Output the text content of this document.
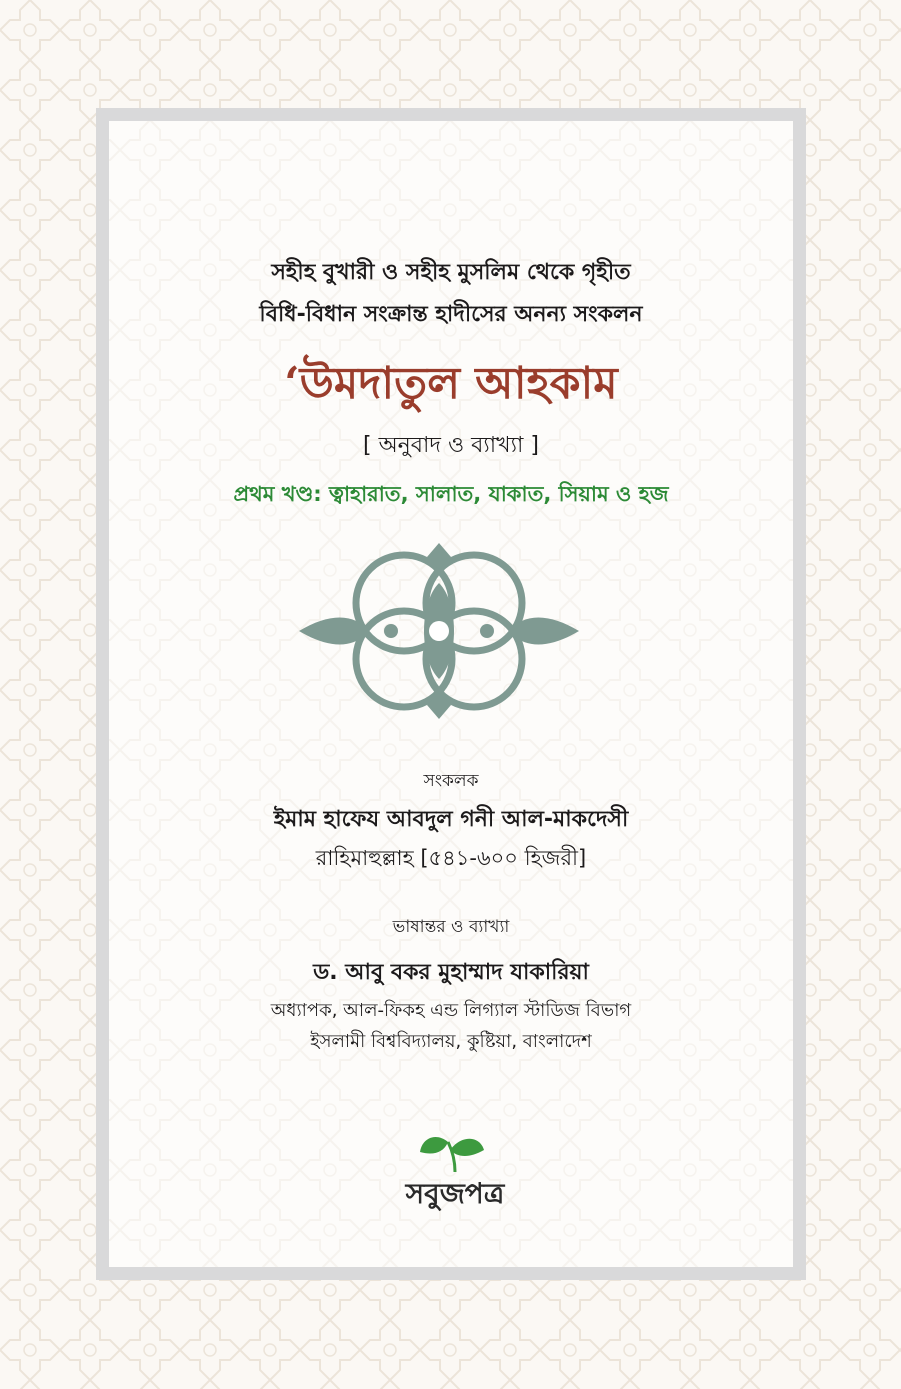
সহীহ বুখারী ও সহীহ মুসলিম থেকে গৃহীত
বিধি-বিধান সংক্রান্ত হাদীসের অনন্য সংকলন
‘উমদাতুল আহকাম
[ অনুবাদ ও ব্যাখ্যা ]
প্রথম খণ্ড: ত্বাহারাত, সালাত, যাকাত, সিয়াম ও হজ
সংকলক
ইমাম হাফেয আবদুল গনী আল-মাকদেসী
রাহিমাহুল্লাহ [৫৪১-৬০০ হিজরী]
ভাষান্তর ও ব্যাখ্যা
ড. আবু বকর মুহাম্মাদ যাকারিয়া
অধ্যাপক, আল-ফিকহ এন্ড লিগ্যাল স্টাডিজ বিভাগ
ইসলামী বিশ্ববিদ্যালয়, কুষ্টিয়া, বাংলাদেশ
সবুজপত্র
